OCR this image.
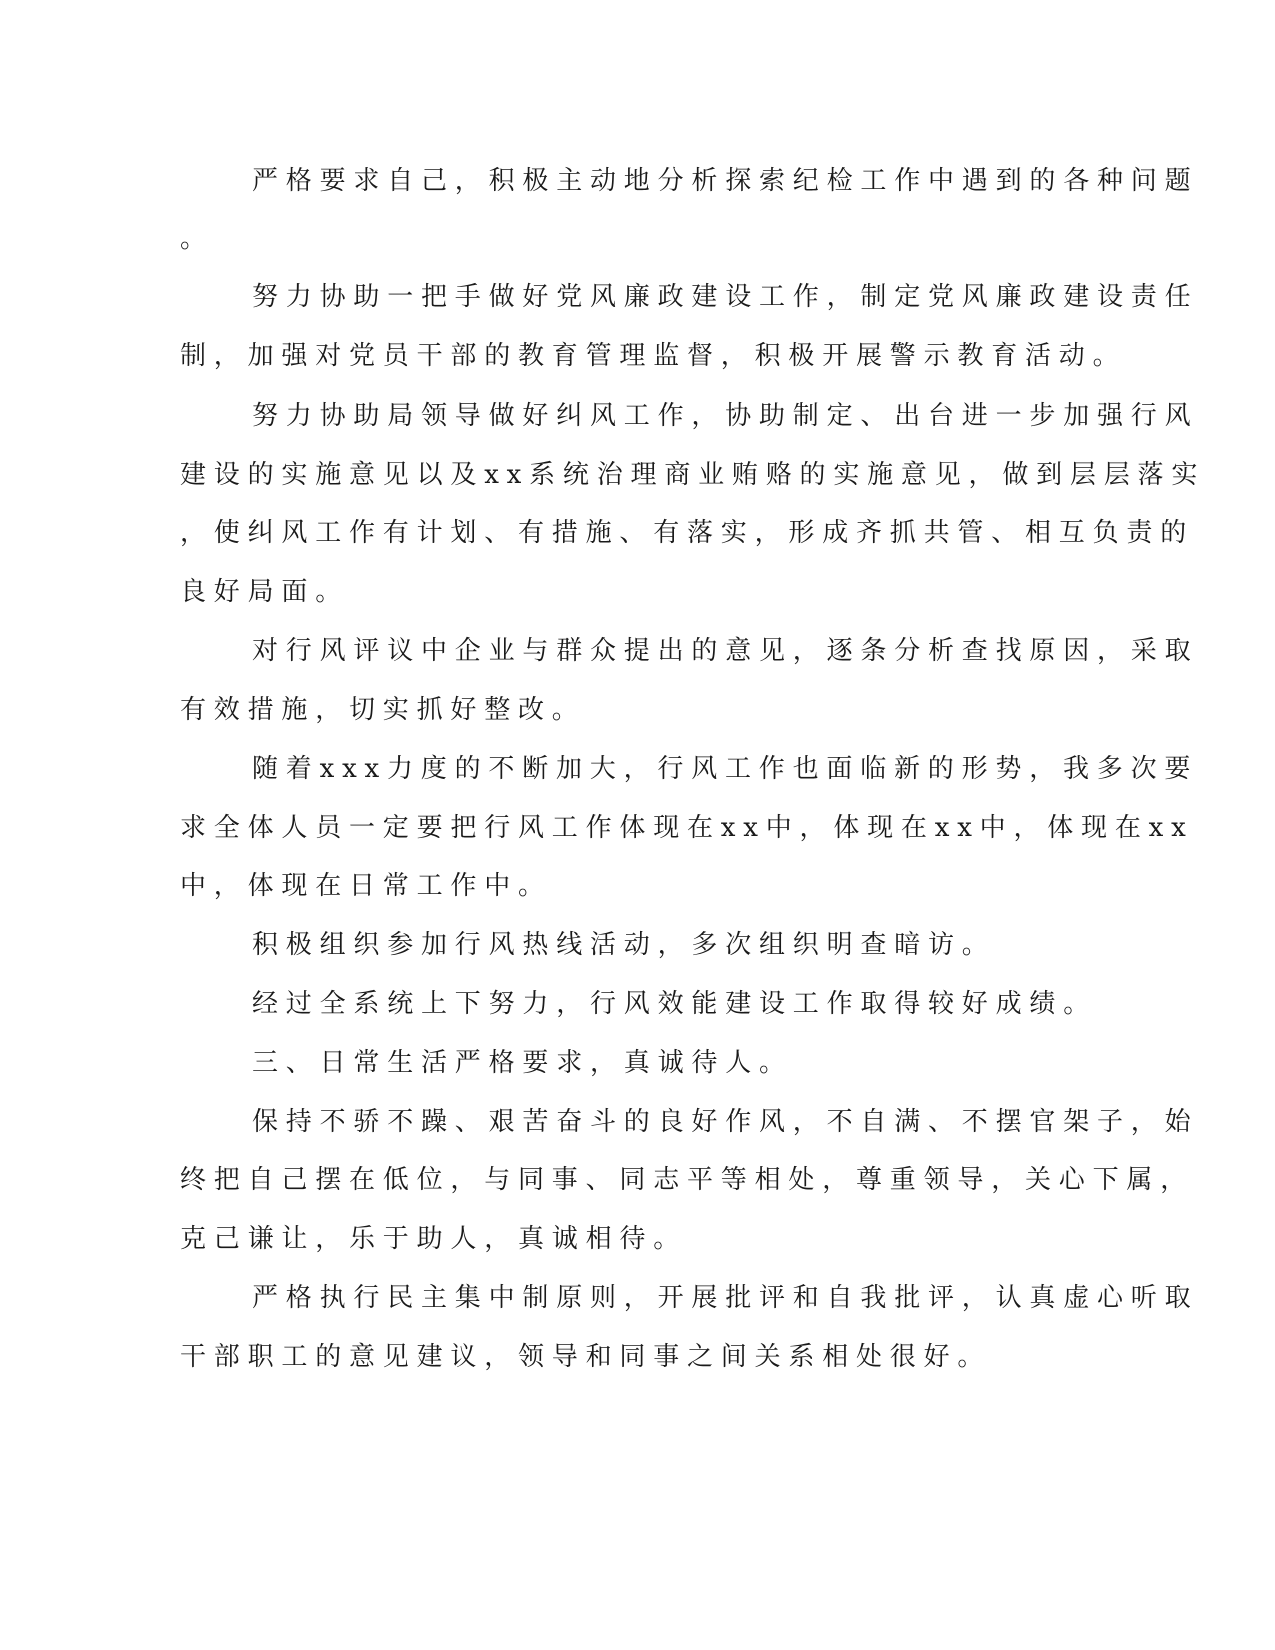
严格要求自己，积极主动地分析探索纪检工作中遇到的各种问题
。
努力协助一把手做好党风廉政建设工作，制定党风廉政建设责任
制，加强对党员干部的教育管理监督，积极开展警示教育活动。
努力协助局领导做好纠风工作，协助制定、出台进一步加强行风
建设的实施意见以及xx系统治理商业贿赂的实施意见，做到层层落实
，使纠风工作有计划、有措施、有落实，形成齐抓共管、相互负责的
良好局面。
对行风评议中企业与群众提出的意见，逐条分析查找原因，采取
有效措施，切实抓好整改。
随着xxx力度的不断加大，行风工作也面临新的形势，我多次要
求全体人员一定要把行风工作体现在xx中，体现在xx中，体现在xx
中，体现在日常工作中。
积极组织参加行风热线活动，多次组织明查暗访。
经过全系统上下努力，行风效能建设工作取得较好成绩。
三、日常生活严格要求，真诚待人。
保持不骄不躁、艰苦奋斗的良好作风，不自满、不摆官架子，始
终把自己摆在低位，与同事、同志平等相处，尊重领导，关心下属，
克己谦让，乐于助人，真诚相待。
严格执行民主集中制原则，开展批评和自我批评，认真虚心听取
干部职工的意见建议，领导和同事之间关系相处很好。
